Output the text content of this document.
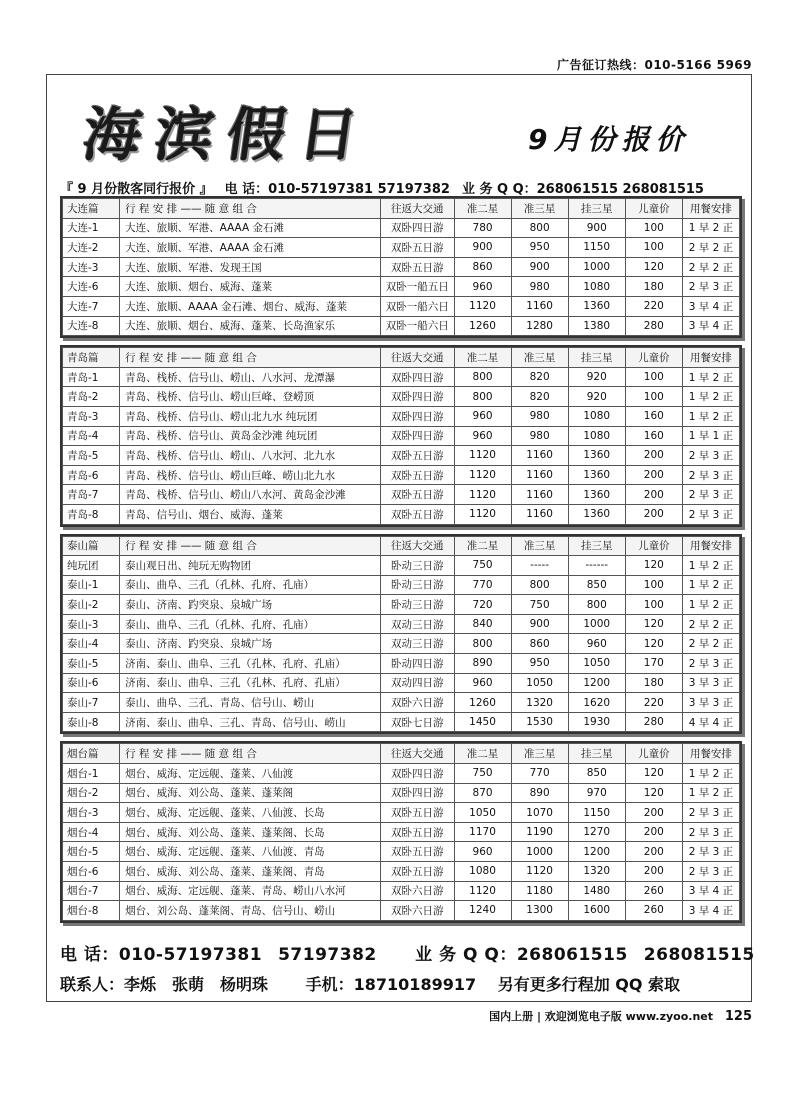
广告征订热线：010-5166 5969
海滨假日	9月份报价
『 9 月份散客同行报价 』 电 话：010-57197381 57197382 业 务 Q Q：268061515 268081515
大连篇	行 程 安 排 —— 随 意 组 合	往返大交通	准二星	准三星	挂三星	儿童价	用餐安排
大连-1	大连、旅顺、军港、AAAA 金石滩	双卧四日游	780	800	900	100	1 早 2 正
大连-2	大连、旅顺、军港、AAAA 金石滩	双卧五日游	900	950	1150	100	2 早 2 正
大连-3	大连、旅顺、军港、发现王国	双卧五日游	860	900	1000	120	2 早 2 正
大连-6	大连、旅顺、烟台、威海、蓬莱	双卧一船五日	960	980	1080	180	2 早 3 正
大连-7	大连、旅顺、AAAA 金石滩、烟台、威海、蓬莱	双卧一船六日	1120	1160	1360	220	3 早 4 正
大连-8	大连、旅顺、烟台、威海、蓬莱、长岛渔家乐	双卧一船六日	1260	1280	1380	280	3 早 4 正
青岛篇	行 程 安 排 —— 随 意 组 合	往返大交通	准二星	准三星	挂三星	儿童价	用餐安排
青岛-1	青岛、栈桥、信号山、崂山、八水河、龙潭瀑	双卧四日游	800	820	920	100	1 早 2 正
青岛-2	青岛、栈桥、信号山、崂山巨峰、登崂顶	双卧四日游	800	820	920	100	1 早 2 正
青岛-3	青岛、栈桥、信号山、崂山北九水 纯玩团	双卧四日游	960	980	1080	160	1 早 2 正
青岛-4	青岛、栈桥、信号山、黄岛金沙滩 纯玩团	双卧四日游	960	980	1080	160	1 早 1 正
青岛-5	青岛、栈桥、信号山、崂山、八水河、北九水	双卧五日游	1120	1160	1360	200	2 早 3 正
青岛-6	青岛、栈桥、信号山、崂山巨峰、崂山北九水	双卧五日游	1120	1160	1360	200	2 早 3 正
青岛-7	青岛、栈桥、信号山、崂山八水河、黄岛金沙滩	双卧五日游	1120	1160	1360	200	2 早 3 正
青岛-8	青岛、信号山、烟台、威海、蓬莱	双卧五日游	1120	1160	1360	200	2 早 3 正
泰山篇	行 程 安 排 —— 随 意 组 合	往返大交通	准二星	准三星	挂三星	儿童价	用餐安排
纯玩团	泰山观日出、纯玩无购物团	卧动三日游	750	-----	------	120	1 早 2 正
泰山-1	泰山、曲阜、三孔（孔林、孔府、孔庙）	卧动三日游	770	800	850	100	1 早 2 正
泰山-2	泰山、济南、趵突泉、泉城广场	卧动三日游	720	750	800	100	1 早 2 正
泰山-3	泰山、曲阜、三孔（孔林、孔府、孔庙）	双动三日游	840	900	1000	120	2 早 2 正
泰山-4	泰山、济南、趵突泉、泉城广场	双动三日游	800	860	960	120	2 早 2 正
泰山-5	济南、泰山、曲阜、三孔（孔林、孔府、孔庙）	卧动四日游	890	950	1050	170	2 早 3 正
泰山-6	济南、泰山、曲阜、三孔（孔林、孔府、孔庙）	双动四日游	960	1050	1200	180	3 早 3 正
泰山-7	泰山、曲阜、三孔、青岛、信号山、崂山	双卧六日游	1260	1320	1620	220	3 早 3 正
泰山-8	济南、泰山、曲阜、三孔、青岛、信号山、崂山	双卧七日游	1450	1530	1930	280	4 早 4 正
烟台篇	行 程 安 排 —— 随 意 组 合	往返大交通	准二星	准三星	挂三星	儿童价	用餐安排
烟台-1	烟台、威海、定远舰、蓬莱、八仙渡	双卧四日游	750	770	850	120	1 早 2 正
烟台-2	烟台、威海、刘公岛、蓬莱、蓬莱阁	双卧四日游	870	890	970	120	1 早 2 正
烟台-3	烟台、威海、定远舰、蓬莱、八仙渡、长岛	双卧五日游	1050	1070	1150	200	2 早 3 正
烟台-4	烟台、威海、刘公岛、蓬莱、蓬莱阁、长岛	双卧五日游	1170	1190	1270	200	2 早 3 正
烟台-5	烟台、威海、定远舰、蓬莱、八仙渡、青岛	双卧五日游	960	1000	1200	200	2 早 3 正
烟台-6	烟台、威海、刘公岛、蓬莱、蓬莱阁、青岛	双卧五日游	1080	1120	1320	200	2 早 3 正
烟台-7	烟台、威海、定远舰、蓬莱、青岛、崂山八水河	双卧六日游	1120	1180	1480	260	3 早 4 正
烟台-8	烟台、刘公岛、蓬莱阁、青岛、信号山、崂山	双卧六日游	1240	1300	1600	260	3 早 4 正
电 话：010-57197381 57197382 业 务 Q Q：268061515 268081515
联系人：李烁 张萌 杨明珠 手机：18710189917 另有更多行程加 QQ 索取
国内上册 | 欢迎浏览电子版 www.zyoo.net 125
